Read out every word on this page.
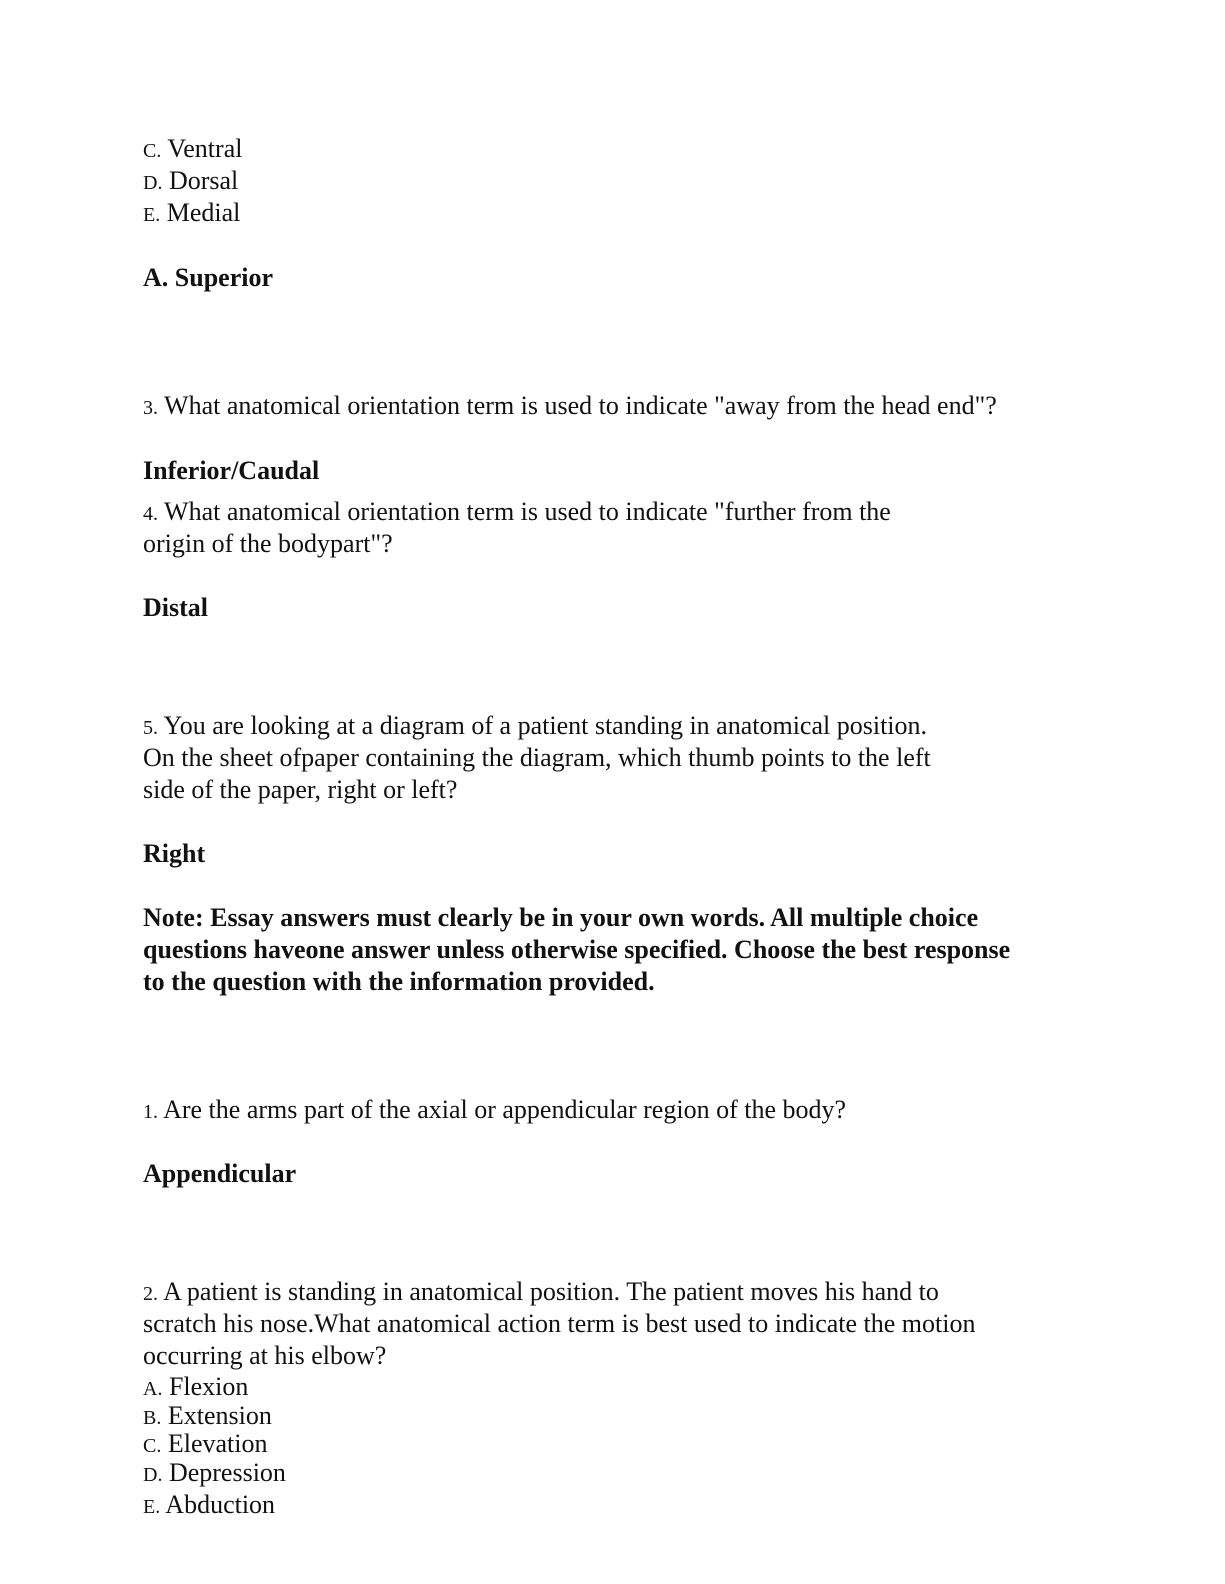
C. Ventral
D. Dorsal
E. Medial
A. Superior
3. What anatomical orientation term is used to indicate "away from the head end"?
Inferior/Caudal
4. What anatomical orientation term is used to indicate "further from the
origin of the bodypart"?
Distal
5. You are looking at a diagram of a patient standing in anatomical position.
On the sheet ofpaper containing the diagram, which thumb points to the left
side of the paper, right or left?
Right
Note: Essay answers must clearly be in your own words. All multiple choice
questions haveone answer unless otherwise specified. Choose the best response
to the question with the information provided.
1. Are the arms part of the axial or appendicular region of the body?
Appendicular
2. A patient is standing in anatomical position. The patient moves his hand to
scratch his nose.What anatomical action term is best used to indicate the motion
occurring at his elbow?
A. Flexion
B. Extension
C. Elevation
D. Depression
E. Abduction
